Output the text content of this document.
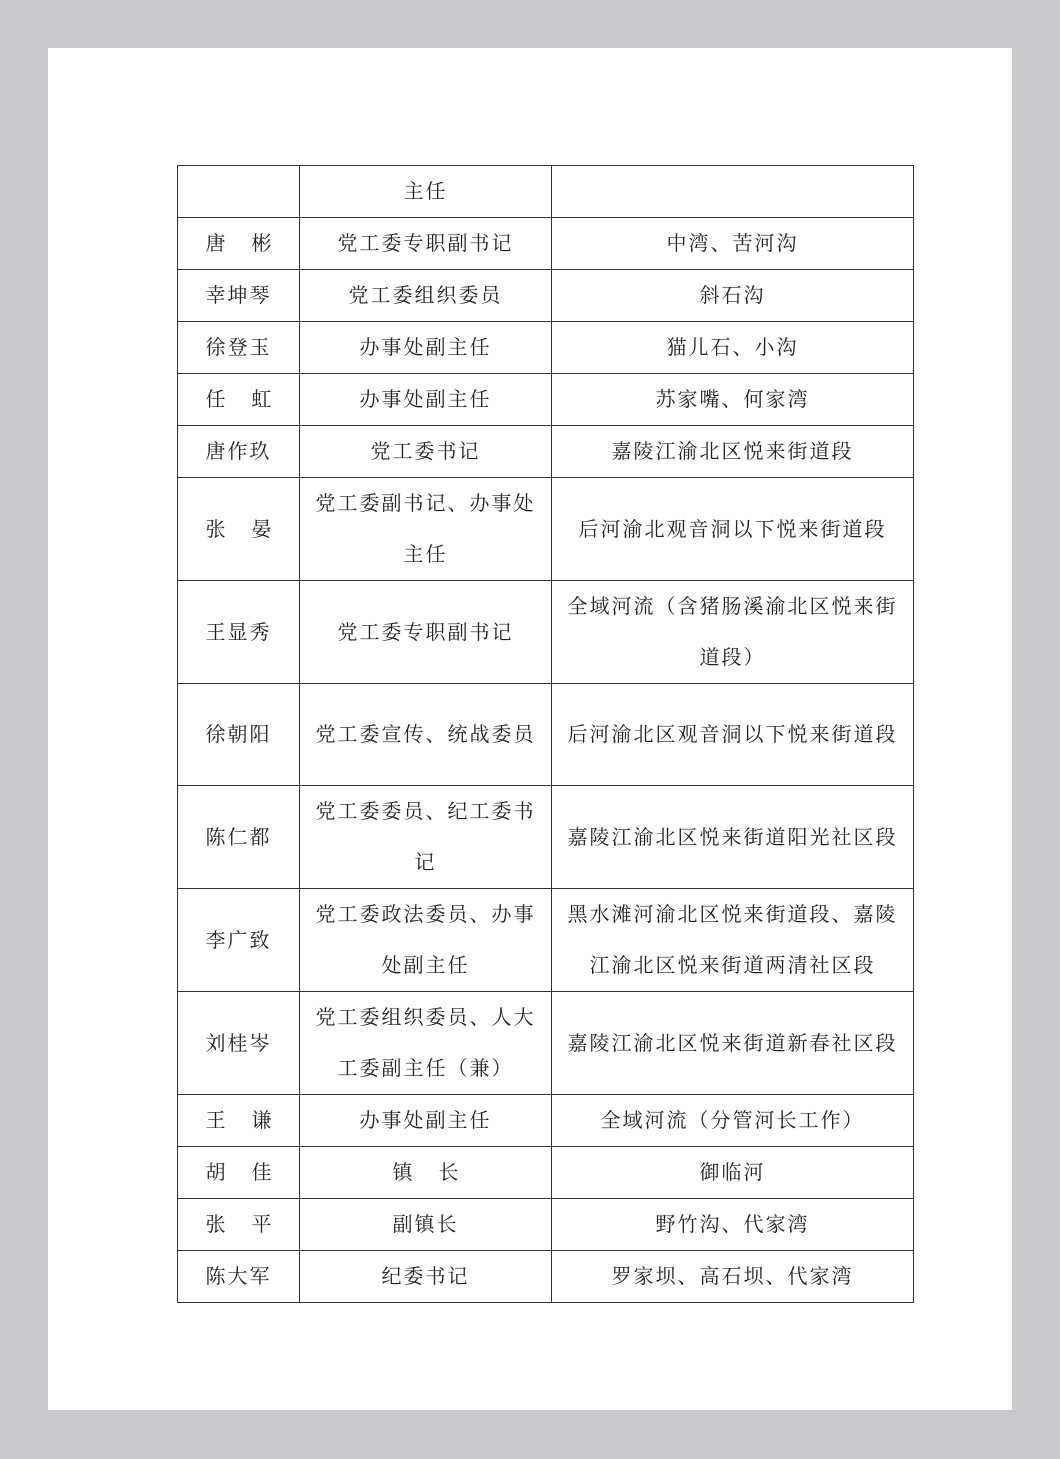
	主任	
唐彬	党工委专职副书记	中湾、苦河沟
幸坤琴	党工委组织委员	斜石沟
徐登玉	办事处副主任	猫儿石、小沟
任虹	办事处副主任	苏家嘴、何家湾
唐作玖	党工委书记	嘉陵江渝北区悦来街道段
张晏	党工委副书记、办事处主任	后河渝北观音洞以下悦来街道段
王显秀	党工委专职副书记	全域河流（含猪肠溪渝北区悦来街道段）
徐朝阳	党工委宣传、统战委员	后河渝北区观音洞以下悦来街道段
陈仁都	党工委委员、纪工委书记	嘉陵江渝北区悦来街道阳光社区段
李广致	党工委政法委员、办事处副主任	黑水滩河渝北区悦来街道段、嘉陵江渝北区悦来街道两清社区段
刘桂岑	党工委组织委员、人大工委副主任（兼）	嘉陵江渝北区悦来街道新春社区段
王谦	办事处副主任	全域河流（分管河长工作）
胡佳	镇长	御临河
张平	副镇长	野竹沟、代家湾
陈大军	纪委书记	罗家坝、高石坝、代家湾
